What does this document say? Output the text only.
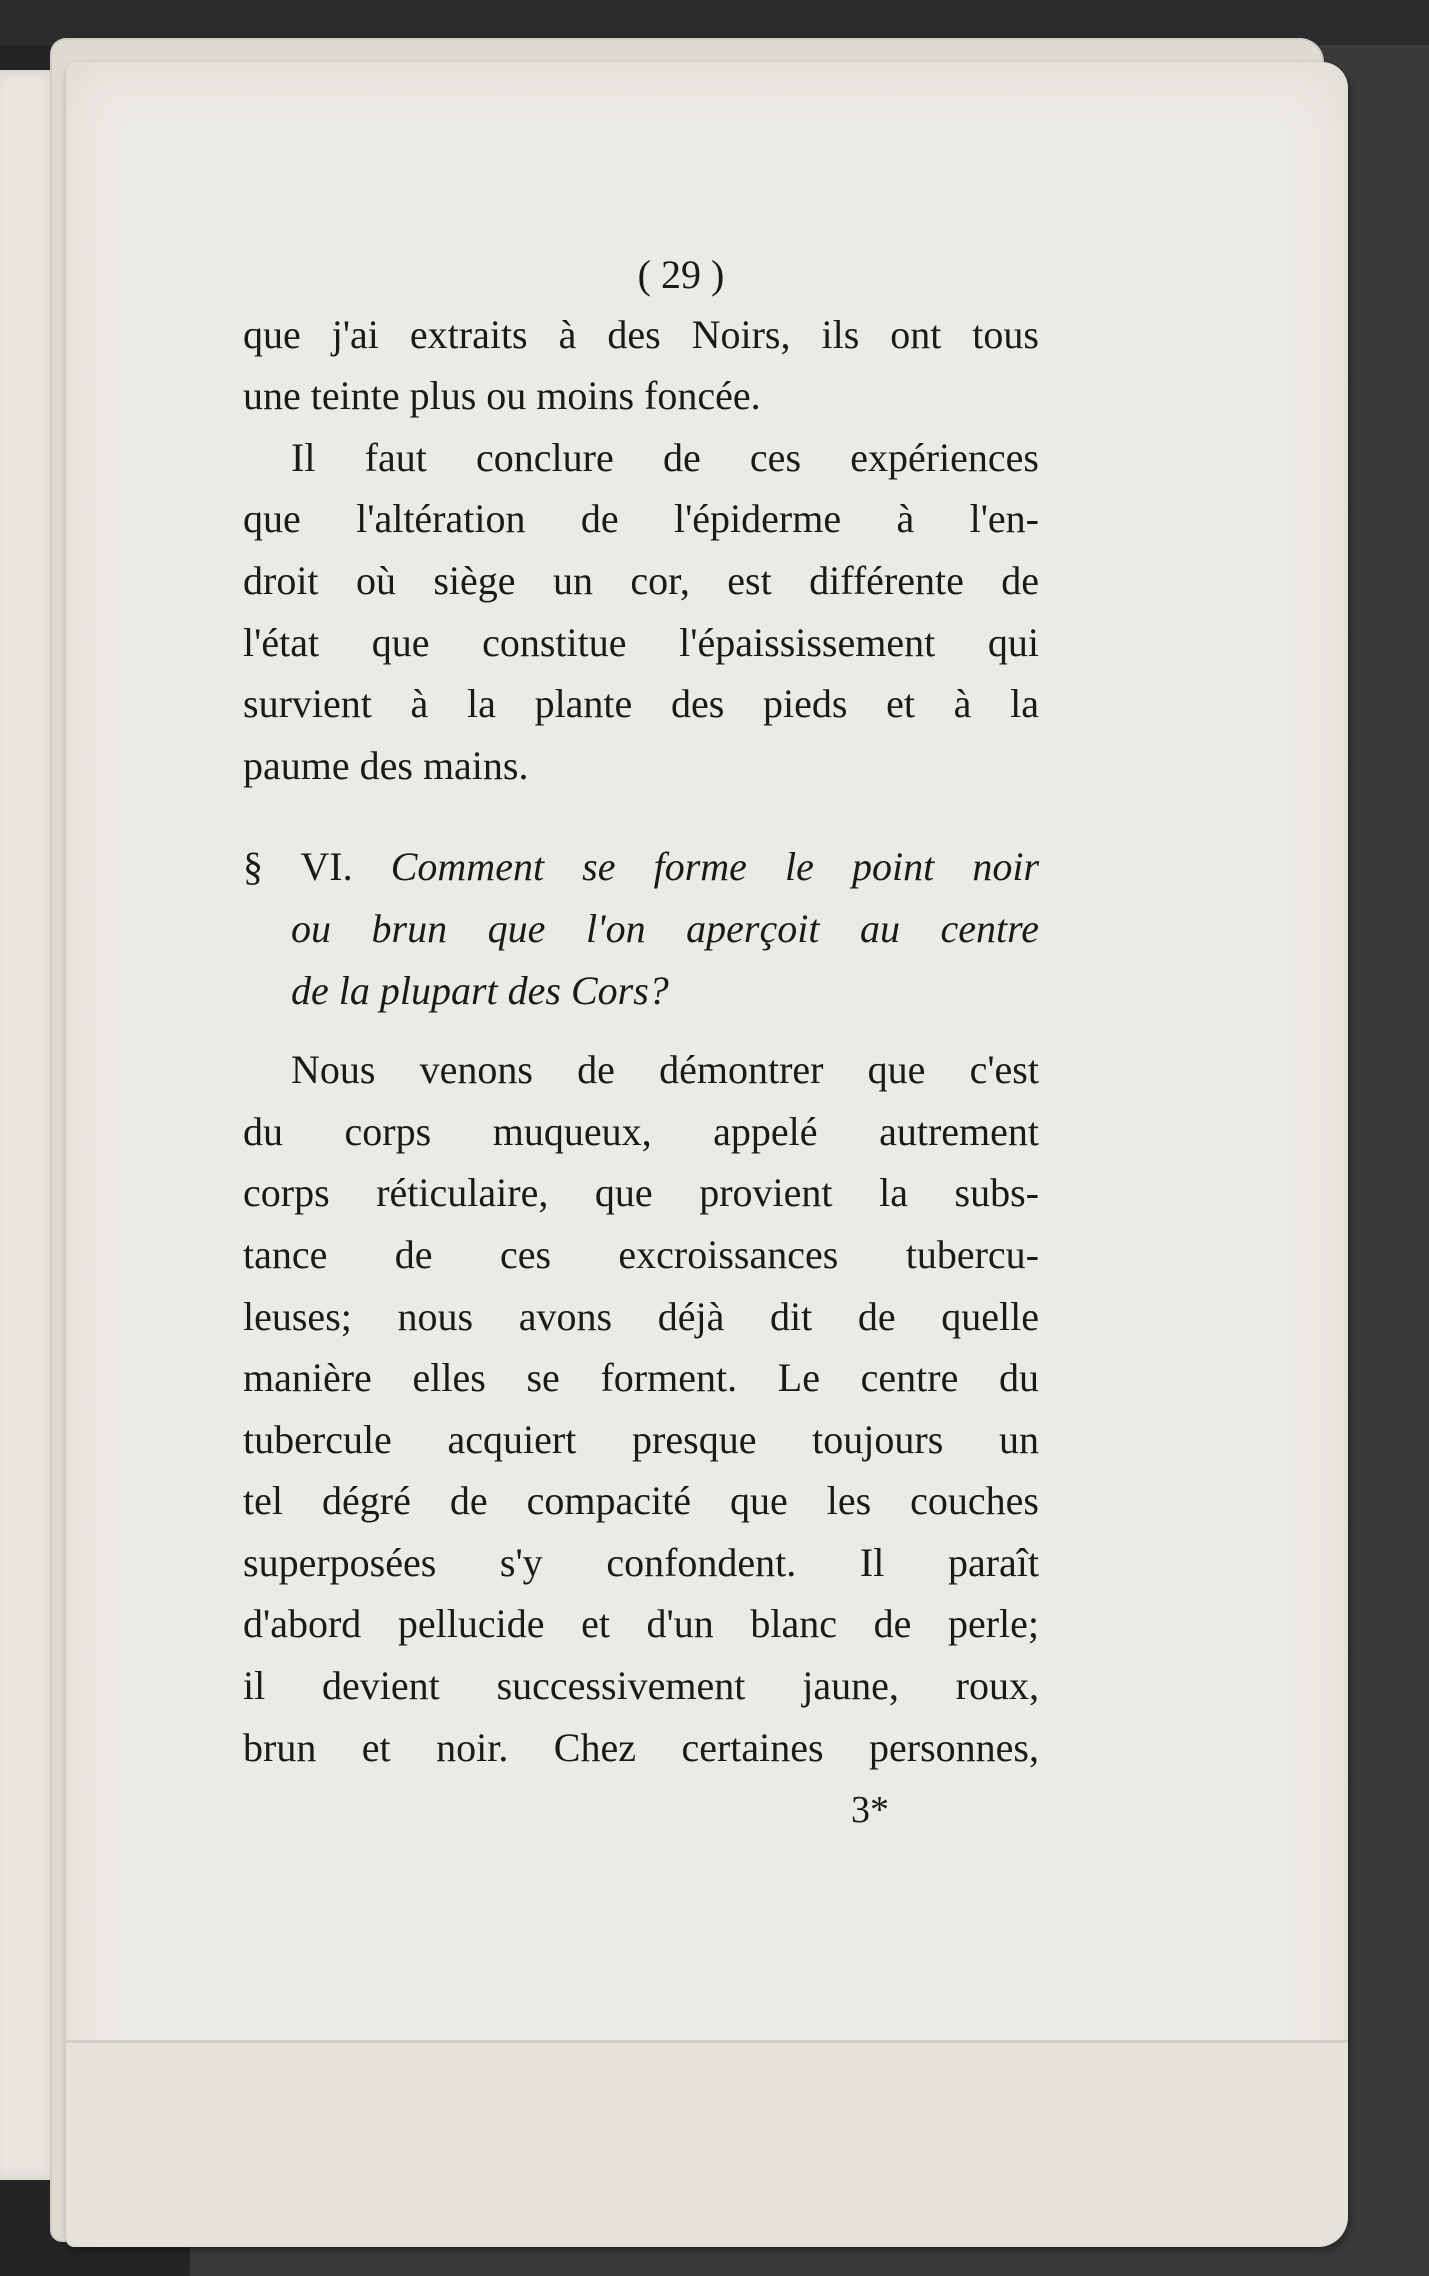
( 29 )
que j'ai extraits à des Noirs, ils ont tous
une teinte plus ou moins foncée.
Il faut conclure de ces expériences
que l'altération de l'épiderme à l'en-
droit où siège un cor, est différente de
l'état que constitue l'épaississement qui
survient à la plante des pieds et à la
paume des mains.
§ VI. Comment se forme le point noir
ou brun que l'on aperçoit au centre
de la plupart des Cors?
Nous venons de démontrer que c'est
du corps muqueux, appelé autrement
corps réticulaire, que provient la subs-
tance de ces excroissances tubercu-
leuses; nous avons déjà dit de quelle
manière elles se forment. Le centre du
tubercule acquiert presque toujours un
tel dégré de compacité que les couches
superposées s'y confondent. Il paraît
d'abord pellucide et d'un blanc de perle;
il devient successivement jaune, roux,
brun et noir. Chez certaines personnes,
3*
